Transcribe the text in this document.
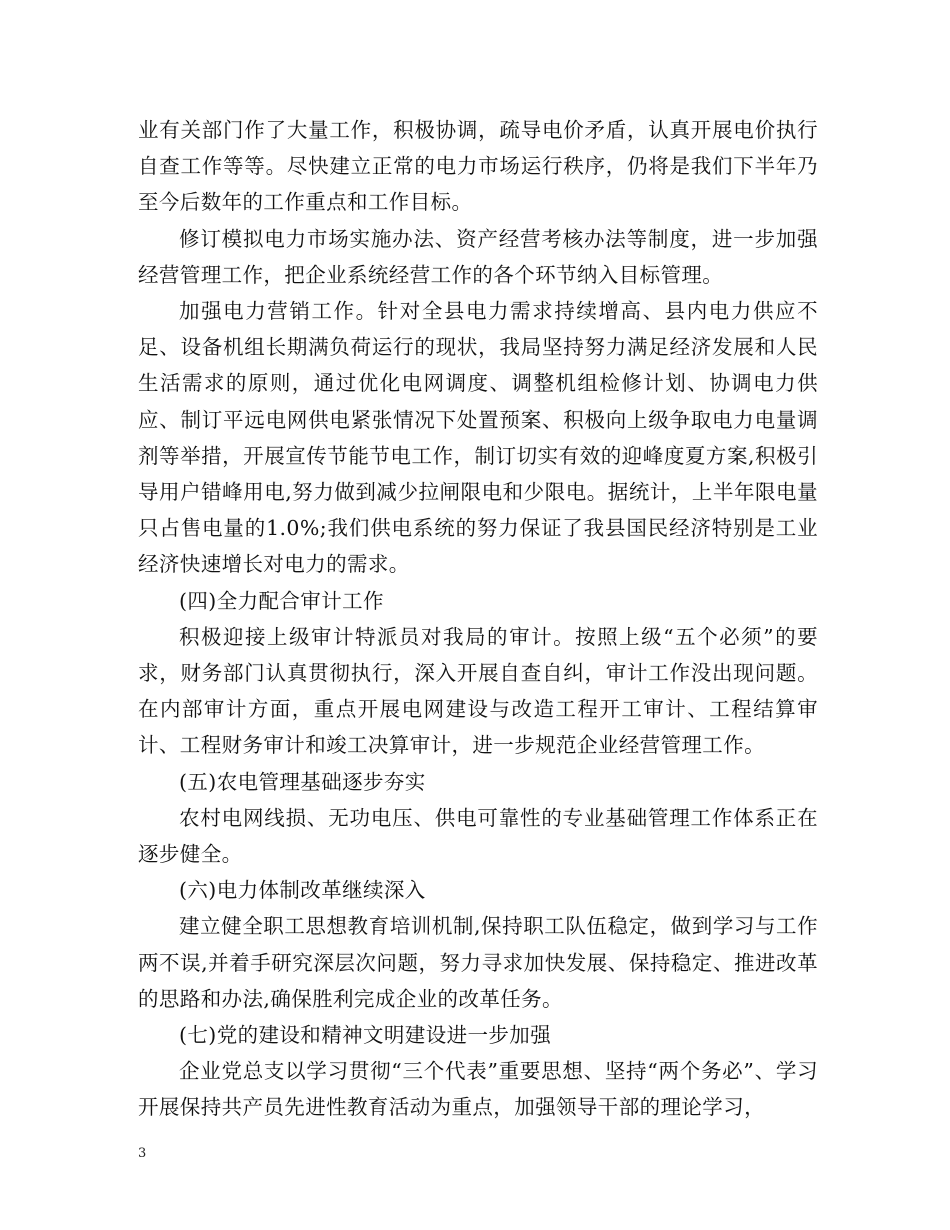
业有关部门作了大量工作，积极协调，疏导电价矛盾，认真开展电价执行自查工作等等。尽快建立正常的电力市场运行秩序，仍将是我们下半年乃至今后数年的工作重点和工作目标。

修订模拟电力市场实施办法、资产经营考核办法等制度，进一步加强经营管理工作，把企业系统经营工作的各个环节纳入目标管理。

加强电力营销工作。针对全县电力需求持续增高、县内电力供应不足、设备机组长期满负荷运行的现状，我局坚持努力满足经济发展和人民生活需求的原则，通过优化电网调度、调整机组检修计划、协调电力供应、制订平远电网供电紧张情况下处置预案、积极向上级争取电力电量调剂等举措，开展宣传节能节电工作，制订切实有效的迎峰度夏方案,积极引导用户错峰用电,努力做到减少拉闸限电和少限电。据统计，上半年限电量只占售电量的1.0%;我们供电系统的努力保证了我县国民经济特别是工业经济快速增长对电力的需求。

(四)全力配合审计工作

积极迎接上级审计特派员对我局的审计。按照上级“五个必须”的要求，财务部门认真贯彻执行，深入开展自查自纠，审计工作没出现问题。在内部审计方面，重点开展电网建设与改造工程开工审计、工程结算审计、工程财务审计和竣工决算审计，进一步规范企业经营管理工作。

(五)农电管理基础逐步夯实

农村电网线损、无功电压、供电可靠性的专业基础管理工作体系正在逐步健全。

(六)电力体制改革继续深入

建立健全职工思想教育培训机制,保持职工队伍稳定，做到学习与工作两不误,并着手研究深层次问题，努力寻求加快发展、保持稳定、推进改革的思路和办法,确保胜利完成企业的改革任务。

(七)党的建设和精神文明建设进一步加强

企业党总支以学习贯彻“三个代表”重要思想、坚持“两个务必”、学习开展保持共产员先进性教育活动为重点，加强领导干部的理论学习，

3
